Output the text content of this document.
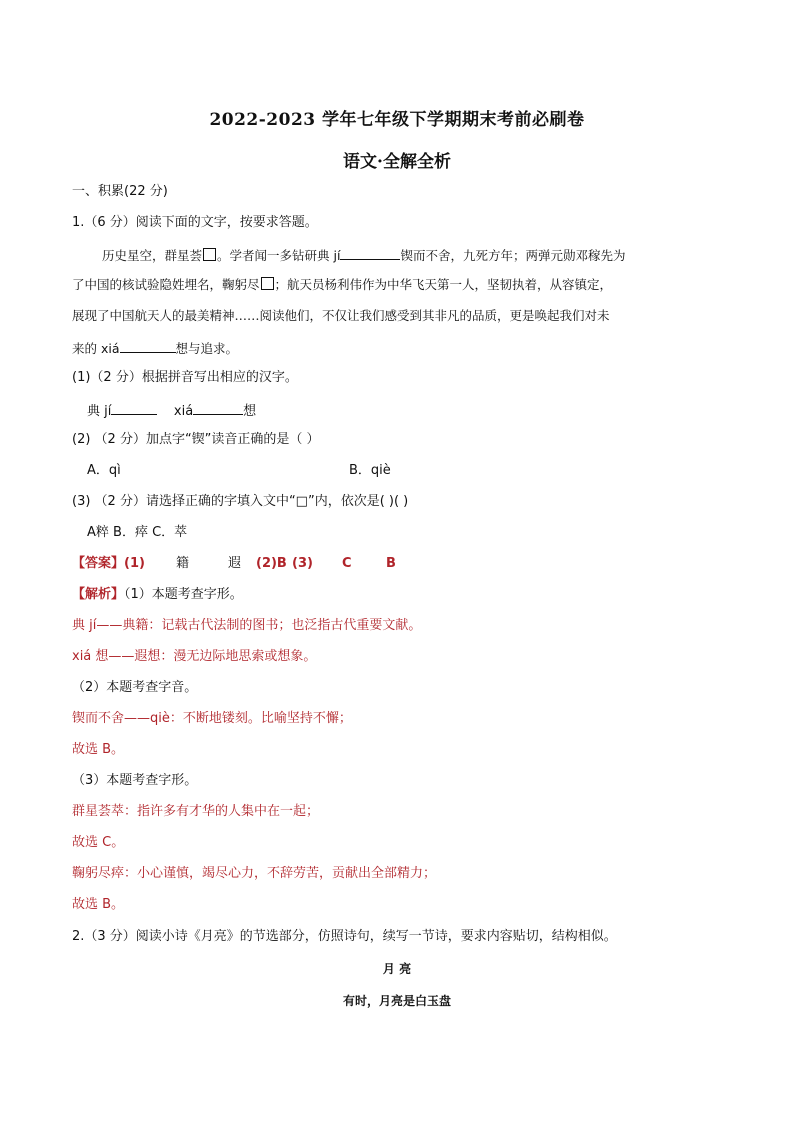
2022-2023 学年七年级下学期期末考前必刷卷
语文·全解全析
一、积累(22 分)
1.（6 分）阅读下面的文字，按要求答题。
历史星空，群星荟 。学者闻一多钻研典 jí	锲而不舍，九死方年；两弹元勋邓稼先为
了中国的核试验隐姓埋名，鞠躬尽 ；航天员杨利伟作为中华飞天第一人，坚韧执着，从容镇定，
展现了中国航天人的最美精神……阅读他们，不仅让我们感受到其非凡的品质，更是唤起我们对未
来的 xiá	想与追求。
(1)（2 分）根据拼音写出相应的汉字。
典 jí	xiá	想
(2) （2 分）加点字“锲”读音正确的是（ ）
A．qì	B．qiè
(3) （2 分）请选择正确的字填入文中“□”内，依次是( )( )
A粹 B．瘁 C．萃
【答案】(1) 籍	遐 (2)B (3) C	B
【解析】（1）本题考查字形。
典 jí——典籍：记载古代法制的图书；也泛指古代重要文献。
xiá 想——遐想：漫无边际地思索或想象。
（2）本题考查字音。
锲而不舍——qiè：不断地镂刻。比喻坚持不懈；
故选 B。
（3）本题考查字形。
群星荟萃：指许多有才华的人集中在一起；
故选 C。
鞠躬尽瘁：小心谨慎，竭尽心力，不辞劳苦，贡献出全部精力；
故选 B。
2.（3 分）阅读小诗《月亮》的节选部分，仿照诗句，续写一节诗，要求内容贴切，结构相似。
月 亮
有时，月亮是白玉盘
